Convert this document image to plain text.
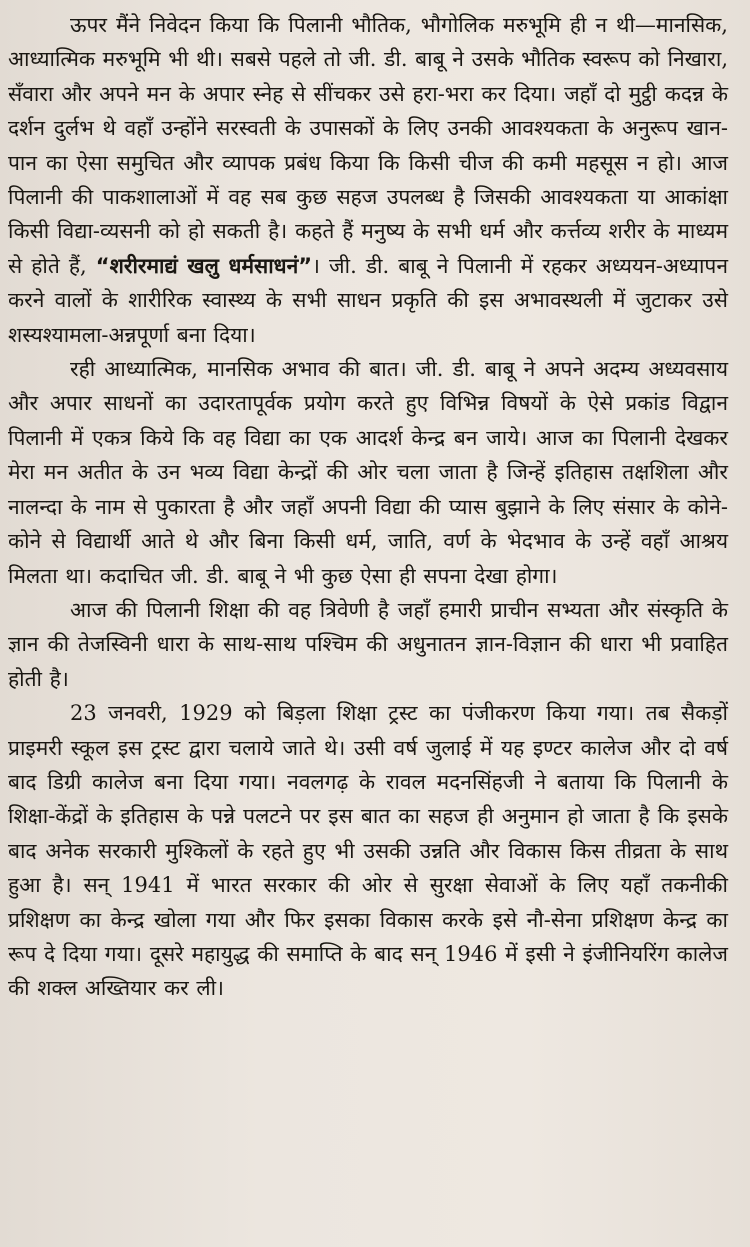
ऊपर मैंने निवेदन किया कि पिलानी भौतिक, भौगोलिक मरुभूमि ही न थी—मानसिक, आध्यात्मिक मरुभूमि भी थी। सबसे पहले तो जी. डी. बाबू ने उसके भौतिक स्वरूप को निखारा, सँवारा और अपने मन के अपार स्नेह से सींचकर उसे हरा-भरा कर दिया। जहाँ दो मुट्ठी कदन्न के दर्शन दुर्लभ थे वहाँ उन्होंने सरस्वती के उपासकों के लिए उनकी आवश्यकता के अनुरूप खान-पान का ऐसा समुचित और व्यापक प्रबंध किया कि किसी चीज की कमी महसूस न हो। आज पिलानी की पाकशालाओं में वह सब कुछ सहज उपलब्ध है जिसकी आवश्यकता या आकांक्षा किसी विद्या-व्यसनी को हो सकती है। कहते हैं मनुष्य के सभी धर्म और कर्त्तव्य शरीर के माध्यम से होते हैं, “शरीरमाद्यं खलु धर्मसाधनं”। जी. डी. बाबू ने पिलानी में रहकर अध्ययन-अध्यापन करने वालों के शारीरिक स्वास्थ्य के सभी साधन प्रकृति की इस अभावस्थली में जुटाकर उसे शस्यश्यामला-अन्नपूर्णा बना दिया।

रही आध्यात्मिक, मानसिक अभाव की बात। जी. डी. बाबू ने अपने अदम्य अध्यवसाय और अपार साधनों का उदारतापूर्वक प्रयोग करते हुए विभिन्न विषयों के ऐसे प्रकांड विद्वान पिलानी में एकत्र किये कि वह विद्या का एक आदर्श केन्द्र बन जाये। आज का पिलानी देखकर मेरा मन अतीत के उन भव्य विद्या केन्द्रों की ओर चला जाता है जिन्हें इतिहास तक्षशिला और नालन्दा के नाम से पुकारता है और जहाँ अपनी विद्या की प्यास बुझाने के लिए संसार के कोने-कोने से विद्यार्थी आते थे और बिना किसी धर्म, जाति, वर्ण के भेदभाव के उन्हें वहाँ आश्रय मिलता था। कदाचित जी. डी. बाबू ने भी कुछ ऐसा ही सपना देखा होगा।

आज की पिलानी शिक्षा की वह त्रिवेणी है जहाँ हमारी प्राचीन सभ्यता और संस्कृति के ज्ञान की तेजस्विनी धारा के साथ-साथ पश्चिम की अधुनातन ज्ञान-विज्ञान की धारा भी प्रवाहित होती है।

23 जनवरी, 1929 को बिड़ला शिक्षा ट्रस्ट का पंजीकरण किया गया। तब सैकड़ों प्राइमरी स्कूल इस ट्रस्ट द्वारा चलाये जाते थे। उसी वर्ष जुलाई में यह इण्टर कालेज और दो वर्ष बाद डिग्री कालेज बना दिया गया। नवलगढ़ के रावल मदनसिंहजी ने बताया कि पिलानी के शिक्षा-केंद्रों के इतिहास के पन्ने पलटने पर इस बात का सहज ही अनुमान हो जाता है कि इसके बाद अनेक सरकारी मुश्किलों के रहते हुए भी उसकी उन्नति और विकास किस तीव्रता के साथ हुआ है। सन् 1941 में भारत सरकार की ओर से सुरक्षा सेवाओं के लिए यहाँ तकनीकी प्रशिक्षण का केन्द्र खोला गया और फिर इसका विकास करके इसे नौ-सेना प्रशिक्षण केन्द्र का रूप दे दिया गया। दूसरे महायुद्ध की समाप्ति के बाद सन् 1946 में इसी ने इंजीनियरिंग कालेज की शक्ल अख्तियार कर ली।
